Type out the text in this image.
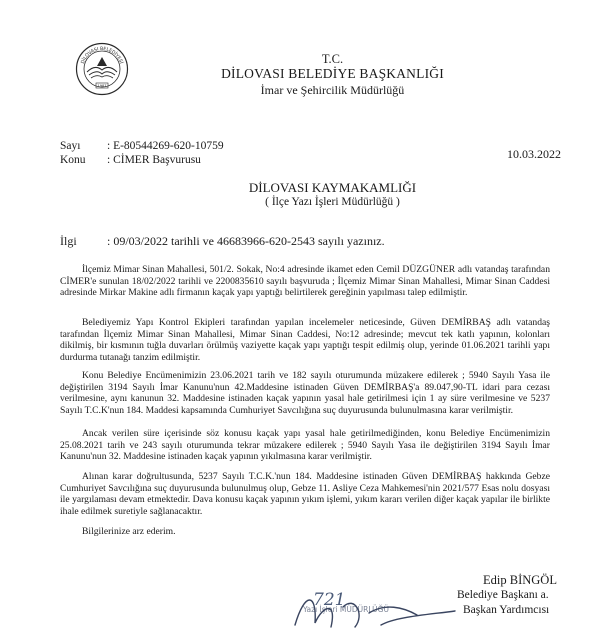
DİLOVASI BELEDİYESİ
1987
T.C.
DİLOVASI BELEDİYE BAŞKANLIĞI
İmar ve Şehircilik Müdürlüğü
Sayı : E-80544269-620-10759
Konu : CİMER Başvurusu	10.03.2022
DİLOVASI KAYMAKAMLIĞI
( İlçe Yazı İşleri Müdürlüğü )
İlgi	: 09/03/2022 tarihli ve 46683966-620-2543 sayılı yazınız.

İlçemiz Mimar Sinan Mahallesi, 501/2. Sokak, No:4 adresinde ikamet eden Cemil DÜZGÜNER adlı vatandaş tarafından CİMER'e sunulan 18/02/2022 tarihli ve 2200835610 sayılı başvuruda ; İlçemiz Mimar Sinan Mahallesi, Mimar Sinan Caddesi adresinde Mirkar Makine adlı firmanın kaçak yapı yaptığı belirtilerek gereğinin yapılması talep edilmiştir.

Belediyemiz Yapı Kontrol Ekipleri tarafından yapılan incelemeler neticesinde, Güven DEMİRBAŞ adlı vatandaş tarafından İlçemiz Mimar Sinan Mahallesi, Mimar Sinan Caddesi, No:12 adresinde; mevcut tek katlı yapının, kolonları dikilmiş, bir kısmının tuğla duvarları örülmüş vaziyette kaçak yapı yaptığı tespit edilmiş olup, yerinde 01.06.2021 tarihli yapı durdurma tutanağı tanzim edilmiştir.

Konu Belediye Encümenimizin 23.06.2021 tarih ve 182 sayılı oturumunda müzakere edilerek ; 5940 Sayılı Yasa ile değiştirilen 3194 Sayılı İmar Kanunu'nun 42.Maddesine istinaden Güven DEMİRBAŞ'a 89.047,90-TL idari para cezası verilmesine, aynı kanunun 32. Maddesine istinaden kaçak yapının yasal hale getirilmesi için 1 ay süre verilmesine ve 5237 Sayılı T.C.K'nun 184. Maddesi kapsamında Cumhuriyet Savcılığına suç duyurusunda bulunulmasına karar verilmiştir.

Ancak verilen süre içerisinde söz konusu kaçak yapı yasal hale getirilmediğinden, konu Belediye Encümenimizin 25.08.2021 tarih ve 243 sayılı oturumunda tekrar müzakere edilerek ; 5940 Sayılı Yasa ile değiştirilen 3194 Sayılı İmar Kanunu'nun 32. Maddesine istinaden kaçak yapının yıkılmasına karar verilmiştir.

Alınan karar doğrultusunda, 5237 Sayılı T.C.K.'nun 184. Maddesine istinaden Güven DEMİRBAŞ hakkında Gebze Cumhuriyet Savcılığına suç duyurusunda bulunulmuş olup, Gebze 11. Asliye Ceza Mahkemesi'nin 2021/577 Esas nolu dosyası ile yargılaması devam etmektedir. Dava konusu kaçak yapının yıkım işlemi, yıkım kararı verilen diğer kaçak yapılar ile birlikte ihale edilmek suretiyle sağlanacaktır.

Bilgilerinize arz ederim.

721
Yazı İşleri MÜDÜRLÜĞÜ
Edip BİNGÖL
Belediye Başkanı a.
Başkan Yardımcısı
